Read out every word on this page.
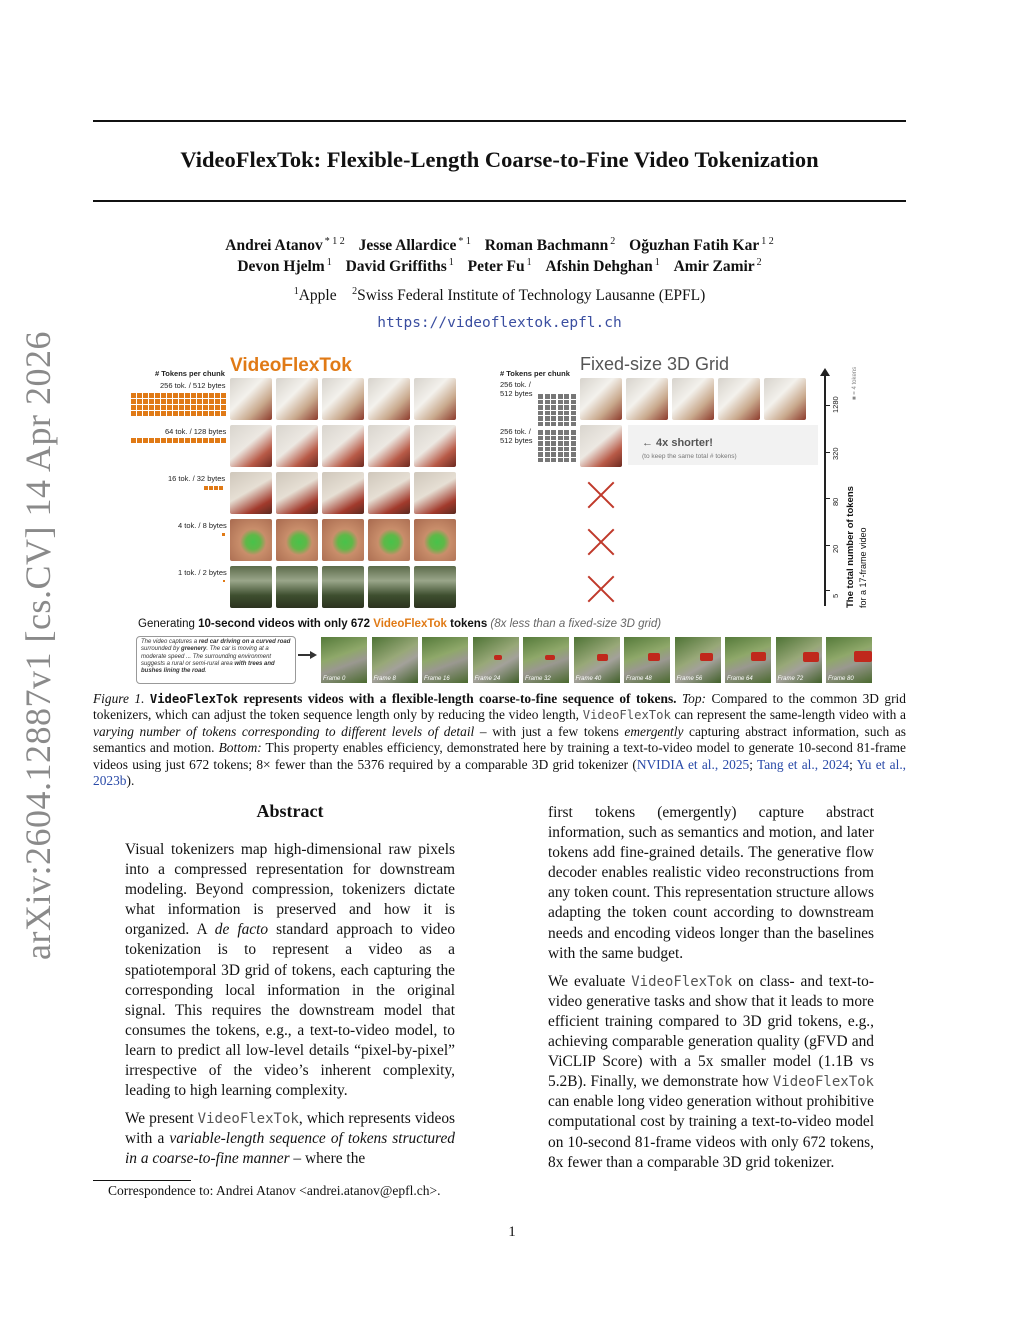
arXiv:2604.12887v1 [cs.CV] 14 Apr 2026
VideoFlexTok: Flexible-Length Coarse-to-Fine Video Tokenization
Andrei Atanov $^{* 1 2}$ Jesse Allardice $^{* 1}$ Roman Bachmann $^2$ Oğuzhan Fatih Kar $^{1 2}$
Devon Hjelm $^1$ David Griffiths $^1$ Peter Fu $^1$ Afshin Dehghan $^1$ Amir Zamir $^2$
$^1$Apple $^2$Swiss Federal Institute of Technology Lausanne (EPFL)
https://videoflextok.epfl.ch
# Tokens per chunk VideoFlexTok	# Tokens per chunk Fixed-size 3D Grid
256 tok. / 512 bytes
64 tok. / 128 bytes
16 tok. / 32 bytes
4 tok. / 8 bytes
1 tok. / 2 bytes
256 tok. /
512 bytes
256 tok. /
512 bytes	← 4x shorter!
(to keep the same total # tokens)
5
20
80
320
1280
■ = 4 tokens
The total number of tokens for a 17-frame video
Generating 10-second videos with only 672 VideoFlexTok tokens (8x less than a fixed-size 3D grid)
The video captures a red car driving on a curved road surrounded by greenery. The car is moving at a moderate speed ... The surrounding environment suggests a rural or semi-rural area with trees and bushes lining the road.
Frame 0	Frame 8	Frame 16	Frame 24	Frame 32	Frame 40	Frame 48	Frame 56	Frame 64	Frame 72	Frame 80
Figure 1. VideoFlexTok represents videos with a flexible-length coarse-to-fine sequence of tokens. Top: Compared to the common 3D grid tokenizers, which can adjust the token sequence length only by reducing the video length, VideoFlexTok can represent the same-length video with a varying number of tokens corresponding to different levels of detail – with just a few tokens emergently capturing abstract information, such as semantics and motion. Bottom: This property enables efficiency, demonstrated here by training a text-to-video model to generate 10-second 81-frame videos using just 672 tokens; 8× fewer than the 5376 required by a comparable 3D grid tokenizer (NVIDIA et al., 2025; Tang et al., 2024; Yu et al., 2023b).
Abstract

Visual tokenizers map high-dimensional raw pixels into a compressed representation for downstream modeling. Beyond compression, tokenizers dictate what information is preserved and how it is organized. A de facto standard approach to video tokenization is to represent a video as a spatiotemporal 3D grid of tokens, each capturing the corresponding local information in the original signal. This requires the downstream model that consumes the tokens, e.g., a text-to-video model, to learn to predict all low-level details “pixel-by-pixel” irrespective of the video’s inherent complexity, leading to high learning complexity.

We present VideoFlexTok, which represents videos with a variable-length sequence of tokens structured in a coarse-to-fine manner – where the

first tokens (emergently) capture abstract information, such as semantics and motion, and later tokens add fine-grained details. The generative flow decoder enables realistic video reconstructions from any token count. This representation structure allows adapting the token count according to downstream needs and encoding videos longer than the baselines with the same budget.

We evaluate VideoFlexTok on class- and text-to-video generative tasks and show that it leads to more efficient training compared to 3D grid tokens, e.g., achieving comparable generation quality (gFVD and ViCLIP Score) with a 5x smaller model (1.1B vs 5.2B). Finally, we demonstrate how VideoFlexTok can enable long video generation without prohibitive computational cost by training a text-to-video model on 10-second 81-frame videos with only 672 tokens, 8x fewer than a comparable 3D grid tokenizer.

Correspondence to: Andrei Atanov <andrei.atanov@epfl.ch>.
1
